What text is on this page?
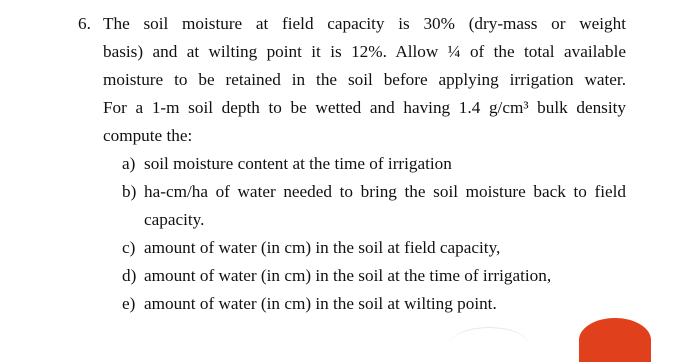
6. The soil moisture at field capacity is 30% (dry-mass or weight
basis) and at wilting point it is 12%. Allow ¼ of the total available
moisture to be retained in the soil before applying irrigation water.
For a 1-m soil depth to be wetted and having 1.4 g/cm³ bulk density
compute the:
a) soil moisture content at the time of irrigation
b) ha-cm/ha of water needed to bring the soil moisture back to field capacity.
c) amount of water (in cm) in the soil at field capacity,
d) amount of water (in cm) in the soil at the time of irrigation,
e) amount of water (in cm) in the soil at wilting point.
